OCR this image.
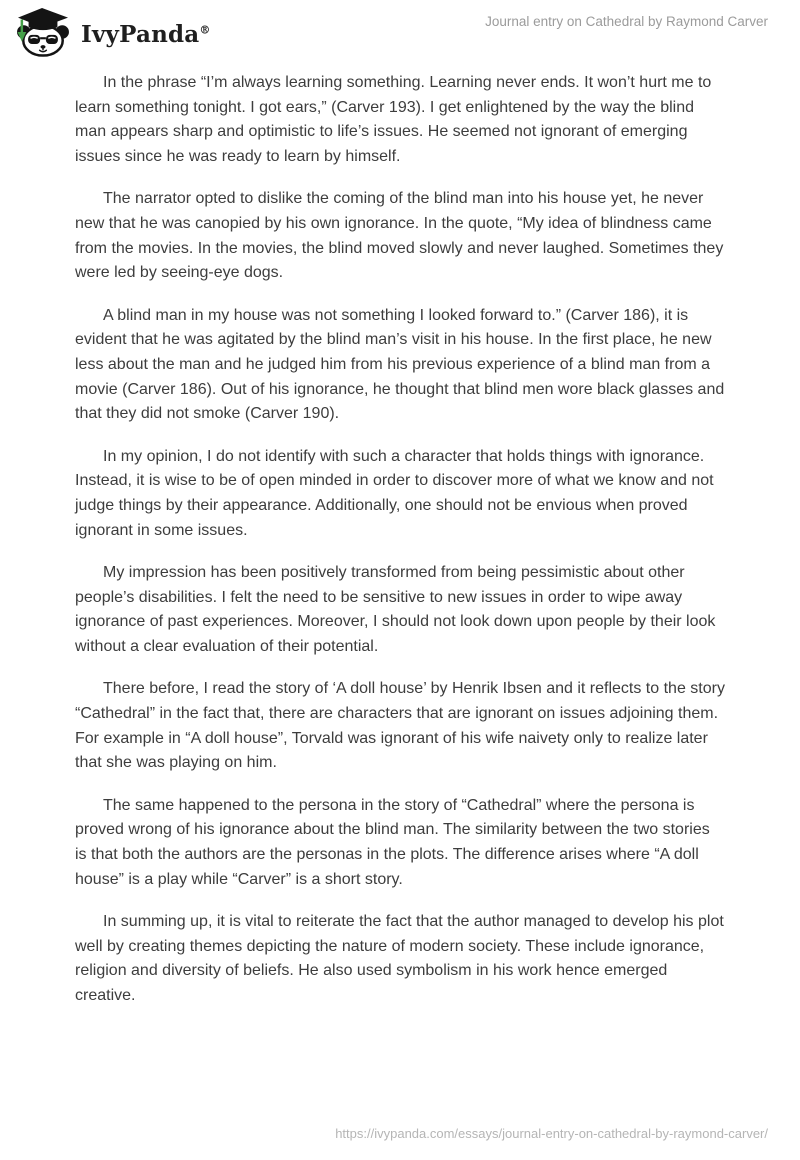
IvyPanda®
Journal entry on Cathedral by Raymond Carver

In the phrase “I’m always learning something. Learning never ends. It won’t hurt me to learn something tonight. I got ears,” (Carver 193). I get enlightened by the way the blind man appears sharp and optimistic to life’s issues. He seemed not ignorant of emerging issues since he was ready to learn by himself.

The narrator opted to dislike the coming of the blind man into his house yet, he never new that he was canopied by his own ignorance. In the quote, “My idea of blindness came from the movies. In the movies, the blind moved slowly and never laughed. Sometimes they were led by seeing-eye dogs.

A blind man in my house was not something I looked forward to.” (Carver 186), it is evident that he was agitated by the blind man’s visit in his house. In the first place, he new less about the man and he judged him from his previous experience of a blind man from a movie (Carver 186). Out of his ignorance, he thought that blind men wore black glasses and that they did not smoke (Carver 190).

In my opinion, I do not identify with such a character that holds things with ignorance. Instead, it is wise to be of open minded in order to discover more of what we know and not judge things by their appearance. Additionally, one should not be envious when proved ignorant in some issues.

My impression has been positively transformed from being pessimistic about other people’s disabilities. I felt the need to be sensitive to new issues in order to wipe away ignorance of past experiences. Moreover, I should not look down upon people by their look without a clear evaluation of their potential.

There before, I read the story of ‘A doll house’ by Henrik Ibsen and it reflects to the story “Cathedral” in the fact that, there are characters that are ignorant on issues adjoining them. For example in “A doll house”, Torvald was ignorant of his wife naivety only to realize later that she was playing on him.

The same happened to the persona in the story of “Cathedral” where the persona is proved wrong of his ignorance about the blind man. The similarity between the two stories is that both the authors are the personas in the plots. The difference arises where “A doll house” is a play while “Carver” is a short story.

In summing up, it is vital to reiterate the fact that the author managed to develop his plot well by creating themes depicting the nature of modern society. These include ignorance, religion and diversity of beliefs. He also used symbolism in his work hence emerged creative.

https://ivypanda.com/essays/journal-entry-on-cathedral-by-raymond-carver/
